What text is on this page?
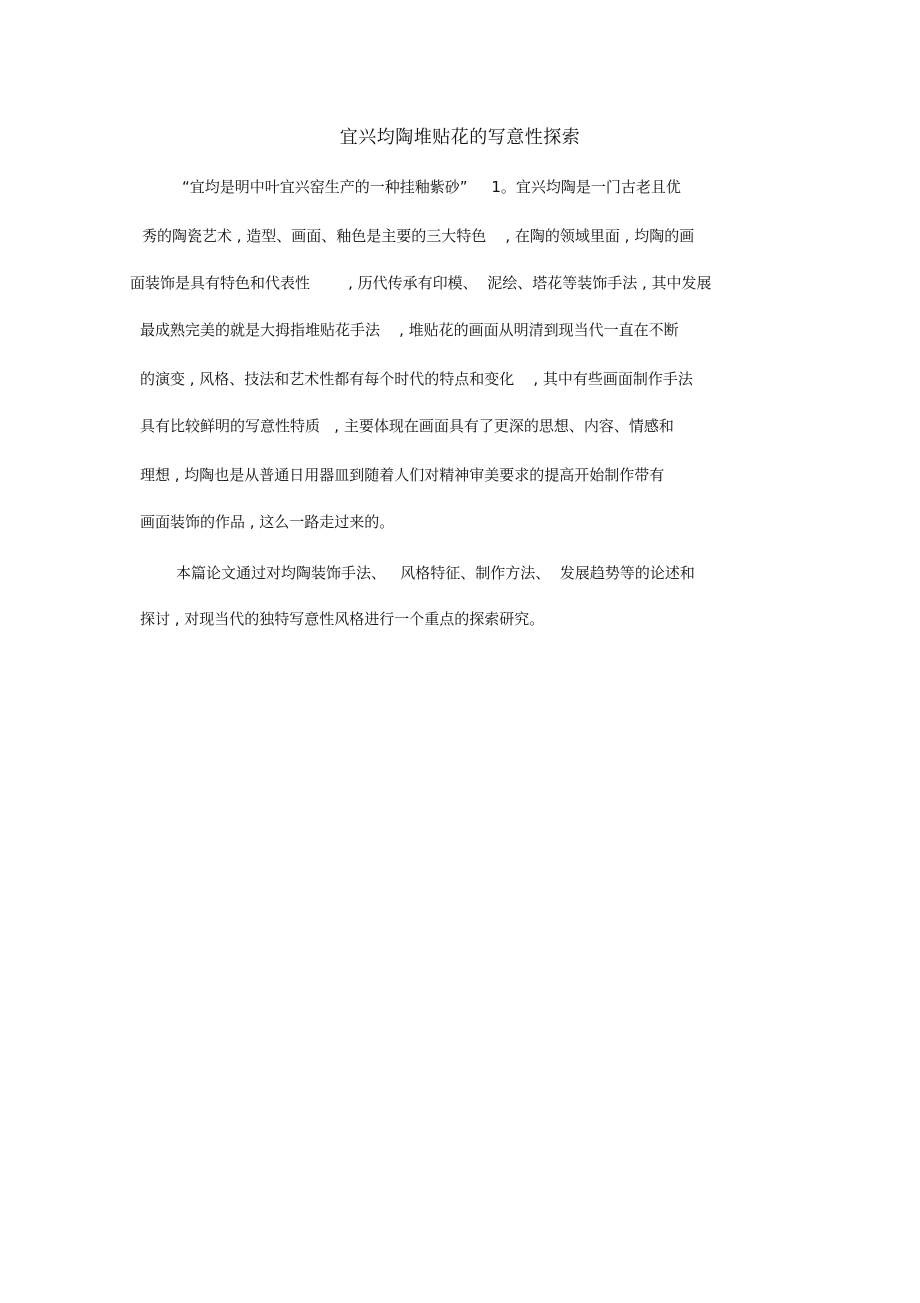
宜兴均陶堆贴花的写意性探索
“宜均是明中叶宜兴窑生产的一种挂釉紫砂”     1。宜兴均陶是一门古老且优
秀的陶瓷艺术 , 造型、画面、釉色是主要的三大特色    , 在陶的领域里面 , 均陶的画
面装饰是具有特色和代表性        , 历代传承有印模、  泥绘、塔花等装饰手法 , 其中发展
最成熟完美的就是大拇指堆贴花手法    , 堆贴花的画面从明清到现当代一直在不断
的演变 , 风格、技法和艺术性都有每个时代的特点和变化    , 其中有些画面制作手法
具有比较鲜明的写意性特质   , 主要体现在画面具有了更深的思想、内容、情感和
理想 , 均陶也是从普通日用器皿到随着人们对精神审美要求的提高开始制作带有
画面装饰的作品 , 这么一路走过来的。
本篇论文通过对均陶装饰手法、   风格特征、制作方法、  发展趋势等的论述和
探讨 , 对现当代的独特写意性风格进行一个重点的探索研究。
